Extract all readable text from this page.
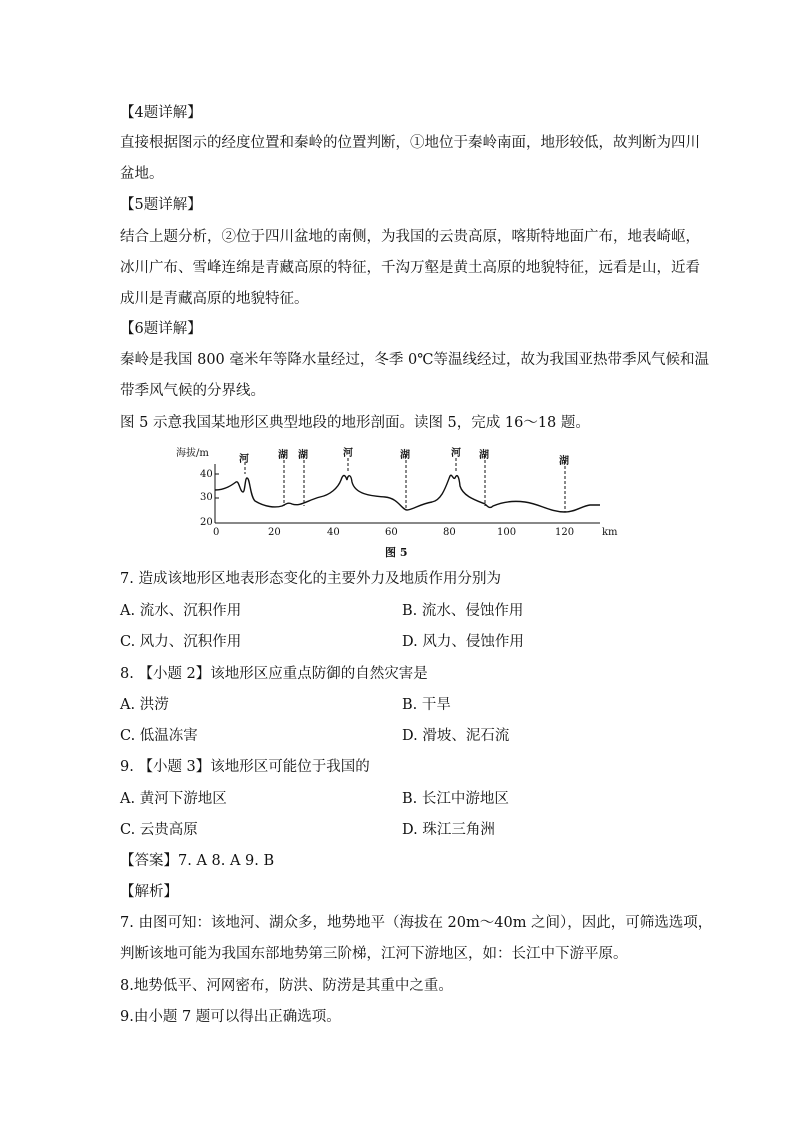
【4题详解】
直接根据图示的经度位置和秦岭的位置判断，①地位于秦岭南面，地形较低，故判断为四川
盆地。
【5题详解】
结合上题分析，②位于四川盆地的南侧，为我国的云贵高原，喀斯特地面广布，地表崎岖，
冰川广布、雪峰连绵是青藏高原的特征，千沟万壑是黄土高原的地貌特征，远看是山，近看
成川是青藏高原的地貌特征。
【6题详解】
秦岭是我国 800 毫米年等降水量经过，冬季 0℃等温线经过，故为我国亚热带季风气候和温
带季风气候的分界线。
图 5 示意我国某地形区典型地段的地形剖面。读图 5，完成 16～18 题。
海拔/m
40
30
20
河	湖 湖	河	湖	河 湖
湖
0	20	40	60	80	100	120	km
图 5
7. 造成该地形区地表形态变化的主要外力及地质作用分别为
A. 流水、沉积作用	B. 流水、侵蚀作用
C. 风力、沉积作用	D. 风力、侵蚀作用
8. 【小题 2】该地形区应重点防御的自然灾害是
A. 洪涝	B. 干旱
C. 低温冻害	D. 滑坡、泥石流
9. 【小题 3】该地形区可能位于我国的
A. 黄河下游地区	B. 长江中游地区
C. 云贵高原	D. 珠江三角洲
【答案】7. A 8. A 9. B
【解析】
7. 由图可知：该地河、湖众多，地势地平（海拔在 20m～40m 之间），因此，可筛选选项，
判断该地可能为我国东部地势第三阶梯，江河下游地区，如：长江中下游平原。
8.地势低平、河网密布，防洪、防涝是其重中之重。
9.由小题 7 题可以得出正确选项。
